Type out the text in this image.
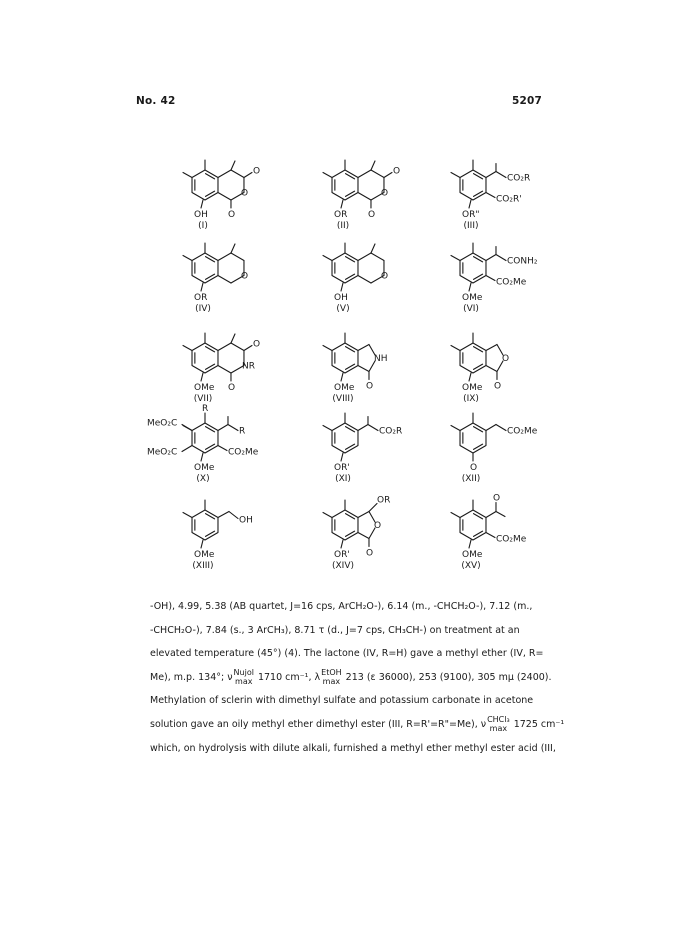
No. 42	5207
OH
O
O
O
(I)
OR
O
O
O
(II)
OR"
CO₂R
CO₂R'
(III)
OR
O
(IV)
OH
O
(V)
OMe
CONH₂
CO₂Me
(VI)
OMe
O
NR
O
(VII)
OMe
NH
O
(VIII)
OMe
O
O
(IX)
OMe
R
CO₂Me
R
MeO₂C
MeO₂C
(X)
OR'
CO₂R
(XI)
CO₂Me
O
(XII)
OMe
OH
(XIII)
OR'
O
O
OR
(XIV)
OMe
O
CO₂Me
(XV)
-OH), 4.99, 5.38 (AB quartet, J=16 cps, ArCH₂O-), 6.14 (m., -CHCH₂O-), 7.12 (m.,
-CHCH₂O-), 7.84 (s., 3 ArCH₃), 8.71 τ (d., J=7 cps, CH₃CH-) on treatment at an
elevated temperature (45°) (4). The lactone (IV, R=H) gave a methyl ether (IV, R=
Me), m.p. 134°; ν Nujol
max 1710 cm⁻¹, λ EtOH
max 213 (ε 36000), 253 (9100), 305 mμ (2400).
Methylation of sclerin with dimethyl sulfate and potassium carbonate in acetone
solution gave an oily methyl ether dimethyl ester (III, R=R'=R"=Me), ν CHCl₃
max 1725 cm⁻¹
which, on hydrolysis with dilute alkali, furnished a methyl ether methyl ester acid (III,
